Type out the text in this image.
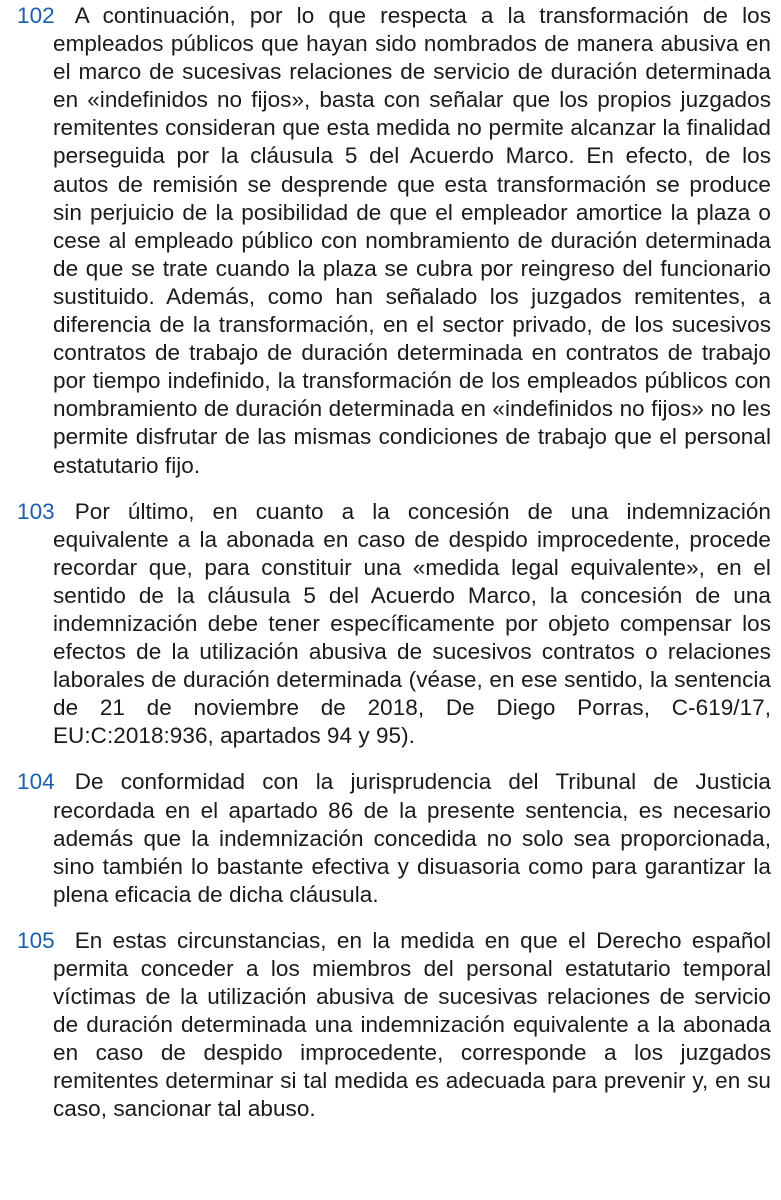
102 A continuación, por lo que respecta a la transformación de los empleados públicos que hayan sido nombrados de manera abusiva en el marco de sucesivas relaciones de servicio de duración determinada en «indefinidos no fijos», basta con señalar que los propios juzgados remitentes consideran que esta medida no permite alcanzar la finalidad perseguida por la cláusula 5 del Acuerdo Marco. En efecto, de los autos de remisión se desprende que esta transformación se produce sin perjuicio de la posibilidad de que el empleador amortice la plaza o cese al empleado público con nombramiento de duración determinada de que se trate cuando la plaza se cubra por reingreso del funcionario sustituido. Además, como han señalado los juzgados remitentes, a diferencia de la transformación, en el sector privado, de los sucesivos contratos de trabajo de duración determinada en contratos de trabajo por tiempo indefinido, la transformación de los empleados públicos con nombramiento de duración determinada en «indefinidos no fijos» no les permite disfrutar de las mismas condiciones de trabajo que el personal estatutario fijo.

103 Por último, en cuanto a la concesión de una indemnización equivalente a la abonada en caso de despido improcedente, procede recordar que, para constituir una «medida legal equivalente», en el sentido de la cláusula 5 del Acuerdo Marco, la concesión de una indemnización debe tener específicamente por objeto compensar los efectos de la utilización abusiva de sucesivos contratos o relaciones laborales de duración determinada (véase, en ese sentido, la sentencia de 21 de noviembre de 2018, De Diego Porras, C-619/17, EU:C:2018:936, apartados 94 y 95).

104 De conformidad con la jurisprudencia del Tribunal de Justicia recordada en el apartado 86 de la presente sentencia, es necesario además que la indemnización concedida no solo sea proporcionada, sino también lo bastante efectiva y disuasoria como para garantizar la plena eficacia de dicha cláusula.

105 En estas circunstancias, en la medida en que el Derecho español permita conceder a los miembros del personal estatutario temporal víctimas de la utilización abusiva de sucesivas relaciones de servicio de duración determinada una indemnización equivalente a la abonada en caso de despido improcedente, corresponde a los juzgados remitentes determinar si tal medida es adecuada para prevenir y, en su caso, sancionar tal abuso.
